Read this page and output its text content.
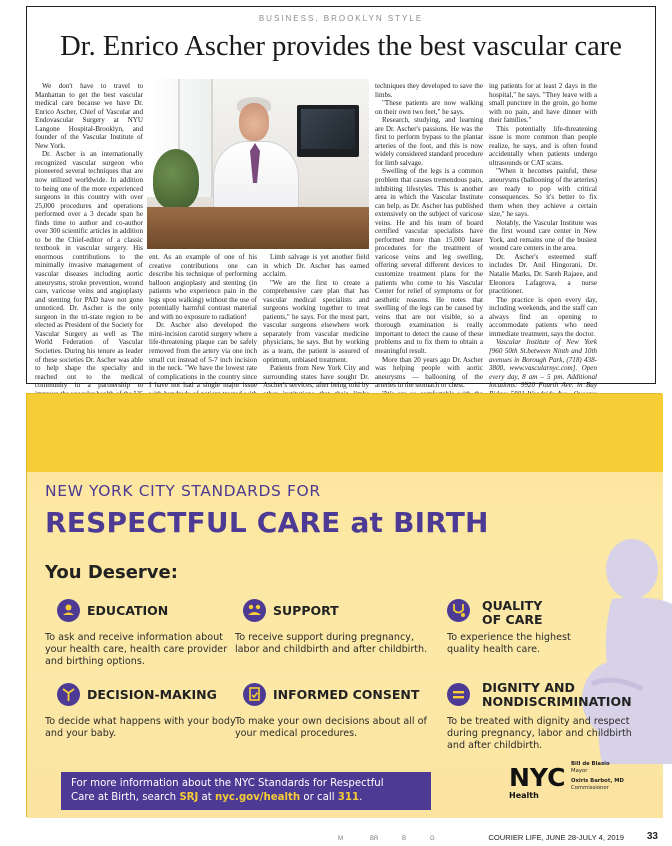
BUSINESS, BROOKLYN STYLE
Dr. Enrico Ascher provides the best vascular care

We don't have to travel to Manhattan to get the best vascular medical care because we have Dr. Enrico Ascher, Chief of Vascular and Endovascular Surgery at NYU Langone Hospital-Brooklyn, and founder of the Vascular Institute of New York.

Dr. Ascher is an internationally recognized vascular surgeon who pioneered several techniques that are now utilized worldwide. In addition to being one of the more experienced surgeons in this country with over 25,000 procedures and operations performed over a 3 decade span he finds time to author and co-author over 300 scientific articles in addition to be the Chief-editor of a classic textbook in vascular surgery. His enormous contributions to the minimally invasive management of vascular diseases including aortic aneurysms, stroke prevention, wound care, varicose veins and angioplasty and stenting for PAD have not gone unnoticed. Dr. Ascher is the only surgeon in the tri-state region to be elected as President of the Society for Vascular Surgery as well as The World Federation of Vascular Societies. During his tenure as leader of these societies Dr. Ascher was able to help shape the specialty and reached out to the medical community in a partnership to

ent. As an example of one of his creative contributions one can describe his technique of performing balloon angioplasty and stenting (in patients who experience pain in the legs upon walking) without the use of potentially harmful contrast material and with no exposure to radiation!

Dr. Ascher also developed the mini-incision carotid surgery where a life-threatening plaque can be safely removed from the artery via one inch small cut instead of 5-7 inch incision in the neck. "We have the lowest rate of complications in the country since I have not had a single major issue

Limb salvage is yet another field in which Dr. Ascher has earned acclaim.

"We are the first to create a comprehensive care plan that has vascular medical specialists and surgeons working together to treat patients," he says. For the most part, vascular surgeons elsewhere work separately from vascular medicine physicians, he says. But by working as a team, the patient is assured of optimum, unbiased treatment.

Patients from New York City and surrounding states have sought Dr. Ascher's services, after being told by

techniques they developed to save the limbs.

"These patients are now walking on their own two feet," he says.

Research, studying, and learning are Dr. Ascher's passions. He was the first to perform bypass to the plantar arteries of the foot, and this is now widely considered standard procedure for limb salvage.

Swelling of the legs is a common problem that causes tremendous pain, inhibiting lifestyles. This is another area in which the Vascular Institute can help, as Dr. Ascher has published extensively on the subject of varicose veins. He and his team of board certified vascular specialists have performed more than 15,000 laser procedures for the treatment of varicose veins and leg swelling, offering several different devices to customize treatment plans for the patients who come to his Vascular Center for relief of symptoms or for aesthetic reasons. He notes that swelling of the legs can be caused by veins that are not visible, so a thorough examination is really important to detect the cause of these problems and to fix them to obtain a meaningful result.

More than 20 years ago Dr. Ascher was helping people with aortic aneurysms — ballooning of the arteries in the stomach or chest.

ing patients for at least 2 days in the hospital," he says. "They leave with a small puncture in the groin, go home with no pain, and have dinner with their families."

This potentially life-threatening issue is more common than people realize, he says, and is often found accidentally when patients undergo ultrasounds or CAT scans.

"When it becomes painful, these aneurysms (ballooning of the arteries) are ready to pop with critical consequences. So it's better to fix them when they achieve a certain size," he says.

Notably, the Vascular Institute was the first wound care center in New York, and remains one of the busiest wound care centers in the area.

Dr. Ascher's esteemed staff includes Dr. Anil Hingorani, Dr. Natalie Marks, Dr. Sareh Rajaee, and Eleonora Lafagrova, a nurse practitioner.

The practice is open every day, including weekends, and the staff can always find an opening to accommodate patients who need immediate treatment, says the doctor.

Vascular Institute of New York [960 50th St.between Ninth and 10th avenues in Borough Park, (718) 438-3800, www.vascularnyc.com]. Open every day, 8 am – 5 pm. Additional locations: 9920 Fourth Ave. in Bay

NEW YORK CITY STANDARDS FOR
RESPECTFUL CARE at BIRTH
You Deserve:
EDUCATION
To ask and receive information about your health care, health care provider and birthing options.
SUPPORT
To receive support during pregnancy, labor and childbirth and after childbirth.
QUALITY
OF CARE
To experience the highest quality health care.
DECISION-MAKING
To decide what happens with your body and your baby.
INFORMED CONSENT
To make your own decisions about all of your medical procedures.
DIGNITY AND
NONDISCRIMINATION
To be treated with dignity and respect during pregnancy, labor and childbirth and after childbirth.
For more information about the NYC Standards for Respectful
Care at Birth, search SRJ at nyc.gov/health or call 311.
NYC
Health
Bill de Blasio
Mayor
Oxiris Barbot, MD
Commissioner
M	BR	B	G	COURIER LIFE, JUNE 28-JULY 4, 2019 33
